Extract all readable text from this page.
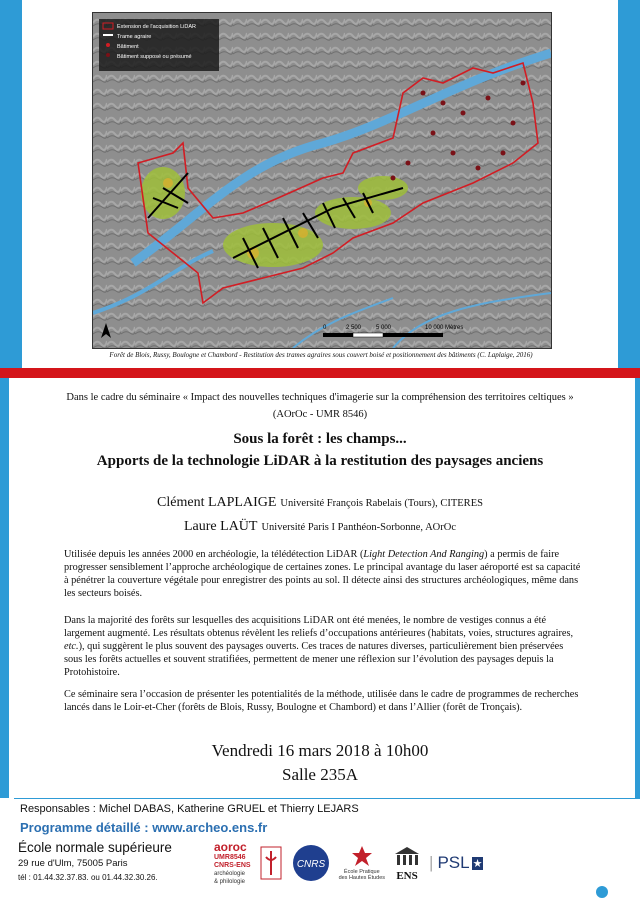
Extension de l'acquisition LiDAR
Trame agraire
Bâtiment
Bâtiment supposé ou présumé
0	2 500 5 000	10 000 Mètres
Forêt de Blois, Russy, Boulogne et Chambord - Restitution des trames agraires sous couvert boisé et positionnement des bâtiments (C. Laplaige, 2016)
Dans le cadre du séminaire « Impact des nouvelles techniques d'imagerie sur la compréhension des territoires celtiques »
(AOrOc - UMR 8546)
Sous la forêt : les champs...
Apports de la technologie LiDAR à la restitution des paysages anciens
Clément LAPLAIGE Université François Rabelais (Tours), CITERES
Laure LAÜT Université Paris I Panthéon-Sorbonne, AOrOc
Utilisée depuis les années 2000 en archéologie, la télédétection LiDAR (Light Detection And Ranging) a permis de faire progresser sensiblement l’approche archéologique de certaines zones. Le principal avantage du laser aéroporté est sa capacité à pénétrer la couverture végétale pour enregistrer des points au sol. Il détecte ainsi des structures archéologiques, même dans les secteurs boisés.
Dans la majorité des forêts sur lesquelles des acquisitions LiDAR ont été menées, le nombre de vestiges connus a été largement augmenté. Les résultats obtenus révèlent les reliefs d’occupations antérieures (habitats, voies, structures agraires, etc.), qui suggèrent le plus souvent des paysages ouverts. Ces traces de natures diverses, particulièrement bien préservées sous les forêts actuelles et souvent stratifiées, permettent de mener une réflexion sur l’évolution des paysages depuis la Protohistoire.
Ce séminaire sera l’occasion de présenter les potentialités de la méthode, utilisée dans le cadre de programmes de recherches lancés dans le Loir-et-Cher (forêts de Blois, Russy, Boulogne et Chambord) et dans l’Allier (forêt de Tronçais).
Vendredi 16 mars 2018 à 10h00
Salle 235A
Responsables : Michel DABAS, Katherine GRUEL et Thierry LEJARS
Programme détaillé : www.archeo.ens.fr
École normale supérieure
29 rue d'Ulm, 75005 Paris
tél : 01.44.32.37.83. ou 01.44.32.30.26.
aoroc
UMR8546
CNRS-ENS
archéologie
& philologie
CNRS
École Pratique
des Hautes Études ENS
| PSL ★
